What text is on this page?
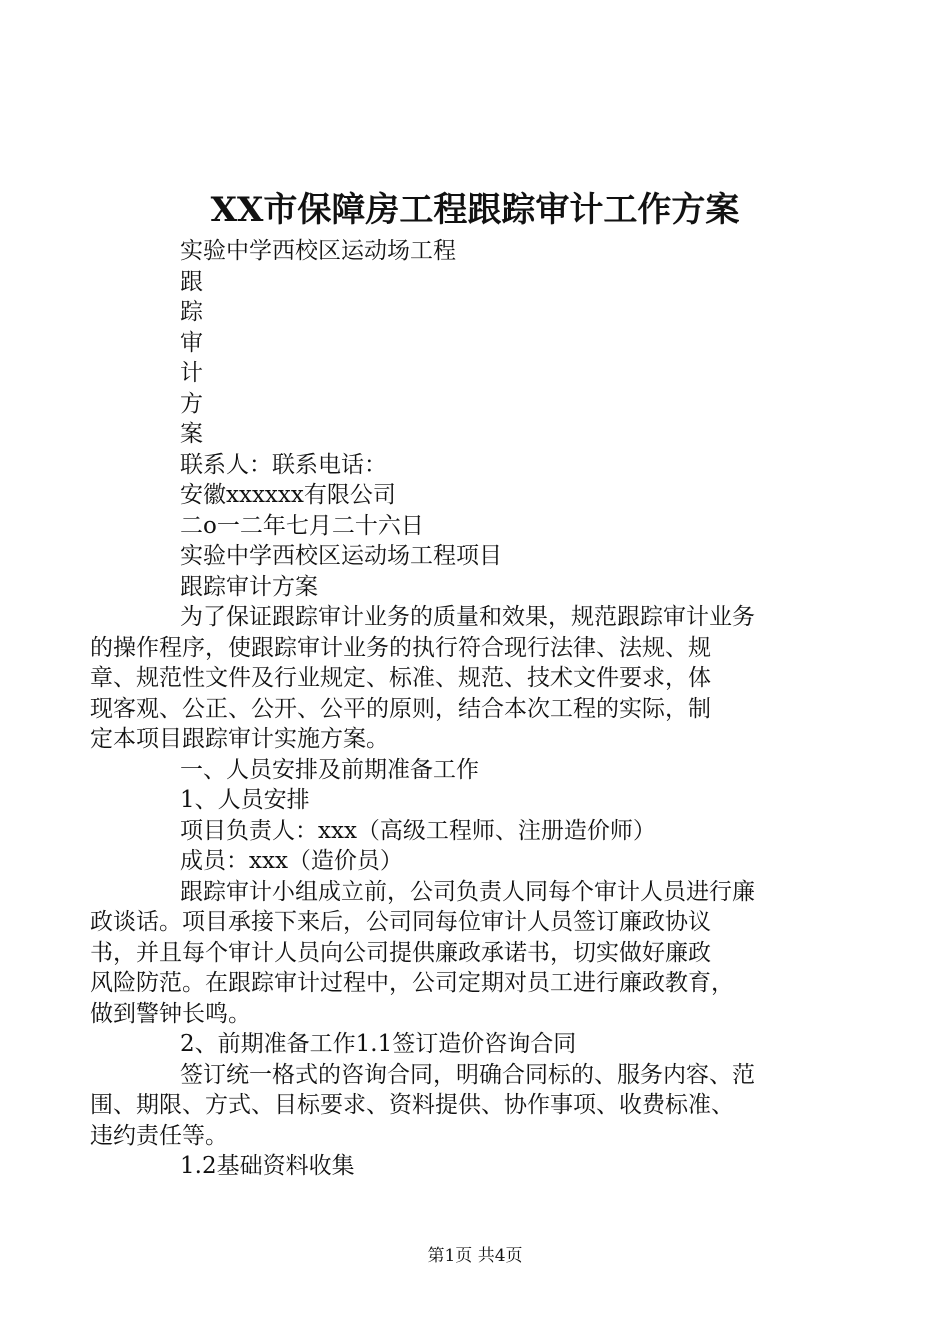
XX市保障房工程跟踪审计工作方案
实验中学西校区运动场工程
跟
踪
审
计
方
案
联系人：联系电话：
安徽xxxxxx有限公司
二o一二年七月二十六日
实验中学西校区运动场工程项目
跟踪审计方案
为了保证跟踪审计业务的质量和效果，规范跟踪审计业务
的操作程序，使跟踪审计业务的执行符合现行法律、法规、规
章、规范性文件及行业规定、标准、规范、技术文件要求，体
现客观、公正、公开、公平的原则，结合本次工程的实际，制
定本项目跟踪审计实施方案。
一、人员安排及前期准备工作
1、人员安排
项目负责人：xxx（高级工程师、注册造价师）
成员：xxx（造价员）
跟踪审计小组成立前，公司负责人同每个审计人员进行廉
政谈话。项目承接下来后，公司同每位审计人员签订廉政协议
书，并且每个审计人员向公司提供廉政承诺书，切实做好廉政
风险防范。在跟踪审计过程中，公司定期对员工进行廉政教育，
做到警钟长鸣。
2、前期准备工作1.1签订造价咨询合同
签订统一格式的咨询合同，明确合同标的、服务内容、范
围、期限、方式、目标要求、资料提供、协作事项、收费标准、
违约责任等。
1.2基础资料收集
第1页 共4页
